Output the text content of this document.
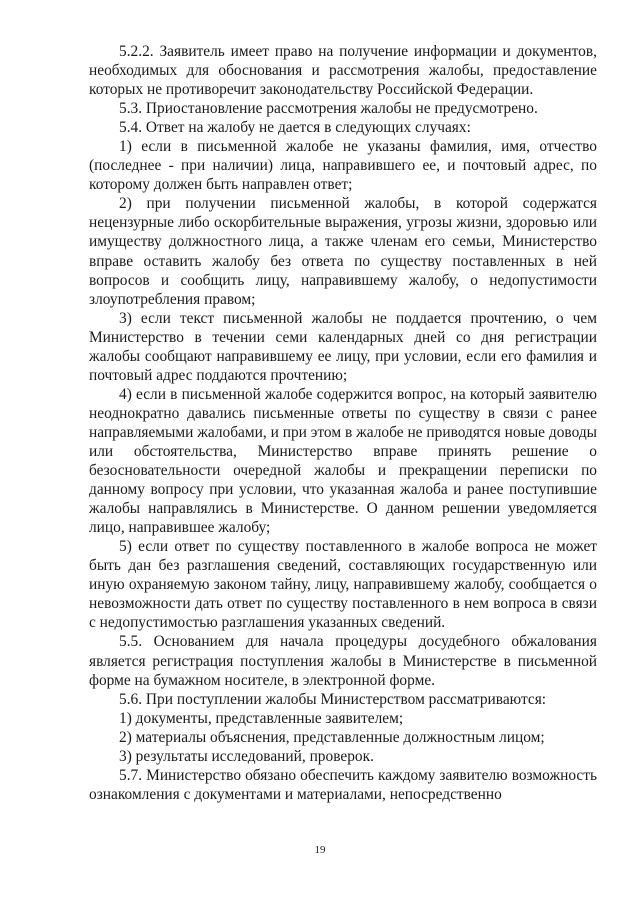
5.2.2. Заявитель имеет право на получение информации и документов, необходимых для обоснования и рассмотрения жалобы, предоставление которых не противоречит законодательству Российской Федерации.

5.3. Приостановление рассмотрения жалобы не предусмотрено.

5.4. Ответ на жалобу не дается в следующих случаях:

1) если в письменной жалобе не указаны фамилия, имя, отчество (последнее - при наличии) лица, направившего ее, и почтовый адрес, по которому должен быть направлен ответ;

2) при получении письменной жалобы, в которой содержатся нецензурные либо оскорбительные выражения, угрозы жизни, здоровью или имуществу должностного лица, а также членам его семьи, Министерство вправе оставить жалобу без ответа по существу поставленных в ней вопросов и сообщить лицу, направившему жалобу, о недопустимости злоупотребления правом;

3) если текст письменной жалобы не поддается прочтению, о чем Министерство в течении семи календарных дней со дня регистрации жалобы сообщают направившему ее лицу, при условии, если его фамилия и почтовый адрес поддаются прочтению;

4) если в письменной жалобе содержится вопрос, на который заявителю неоднократно давались письменные ответы по существу в связи с ранее направляемыми жалобами, и при этом в жалобе не приводятся новые доводы или обстоятельства, Министерство вправе принять решение о безосновательности очередной жалобы и прекращении переписки по данному вопросу при условии, что указанная жалоба и ранее поступившие жалобы направлялись в Министерстве. О данном решении уведомляется лицо, направившее жалобу;

5) если ответ по существу поставленного в жалобе вопроса не может быть дан без разглашения сведений, составляющих государственную или иную охраняемую законом тайну, лицу, направившему жалобу, сообщается о невозможности дать ответ по существу поставленного в нем вопроса в связи с недопустимостью разглашения указанных сведений.

5.5. Основанием для начала процедуры досудебного обжалования является регистрация поступления жалобы в Министерстве в письменной форме на бумажном носителе, в электронной форме.

5.6. При поступлении жалобы Министерством рассматриваются:

1) документы, представленные заявителем;

2) материалы объяснения, представленные должностным лицом;

3) результаты исследований, проверок.

5.7. Министерство обязано обеспечить каждому заявителю возможность ознакомления с документами и материалами, непосредственно

19
